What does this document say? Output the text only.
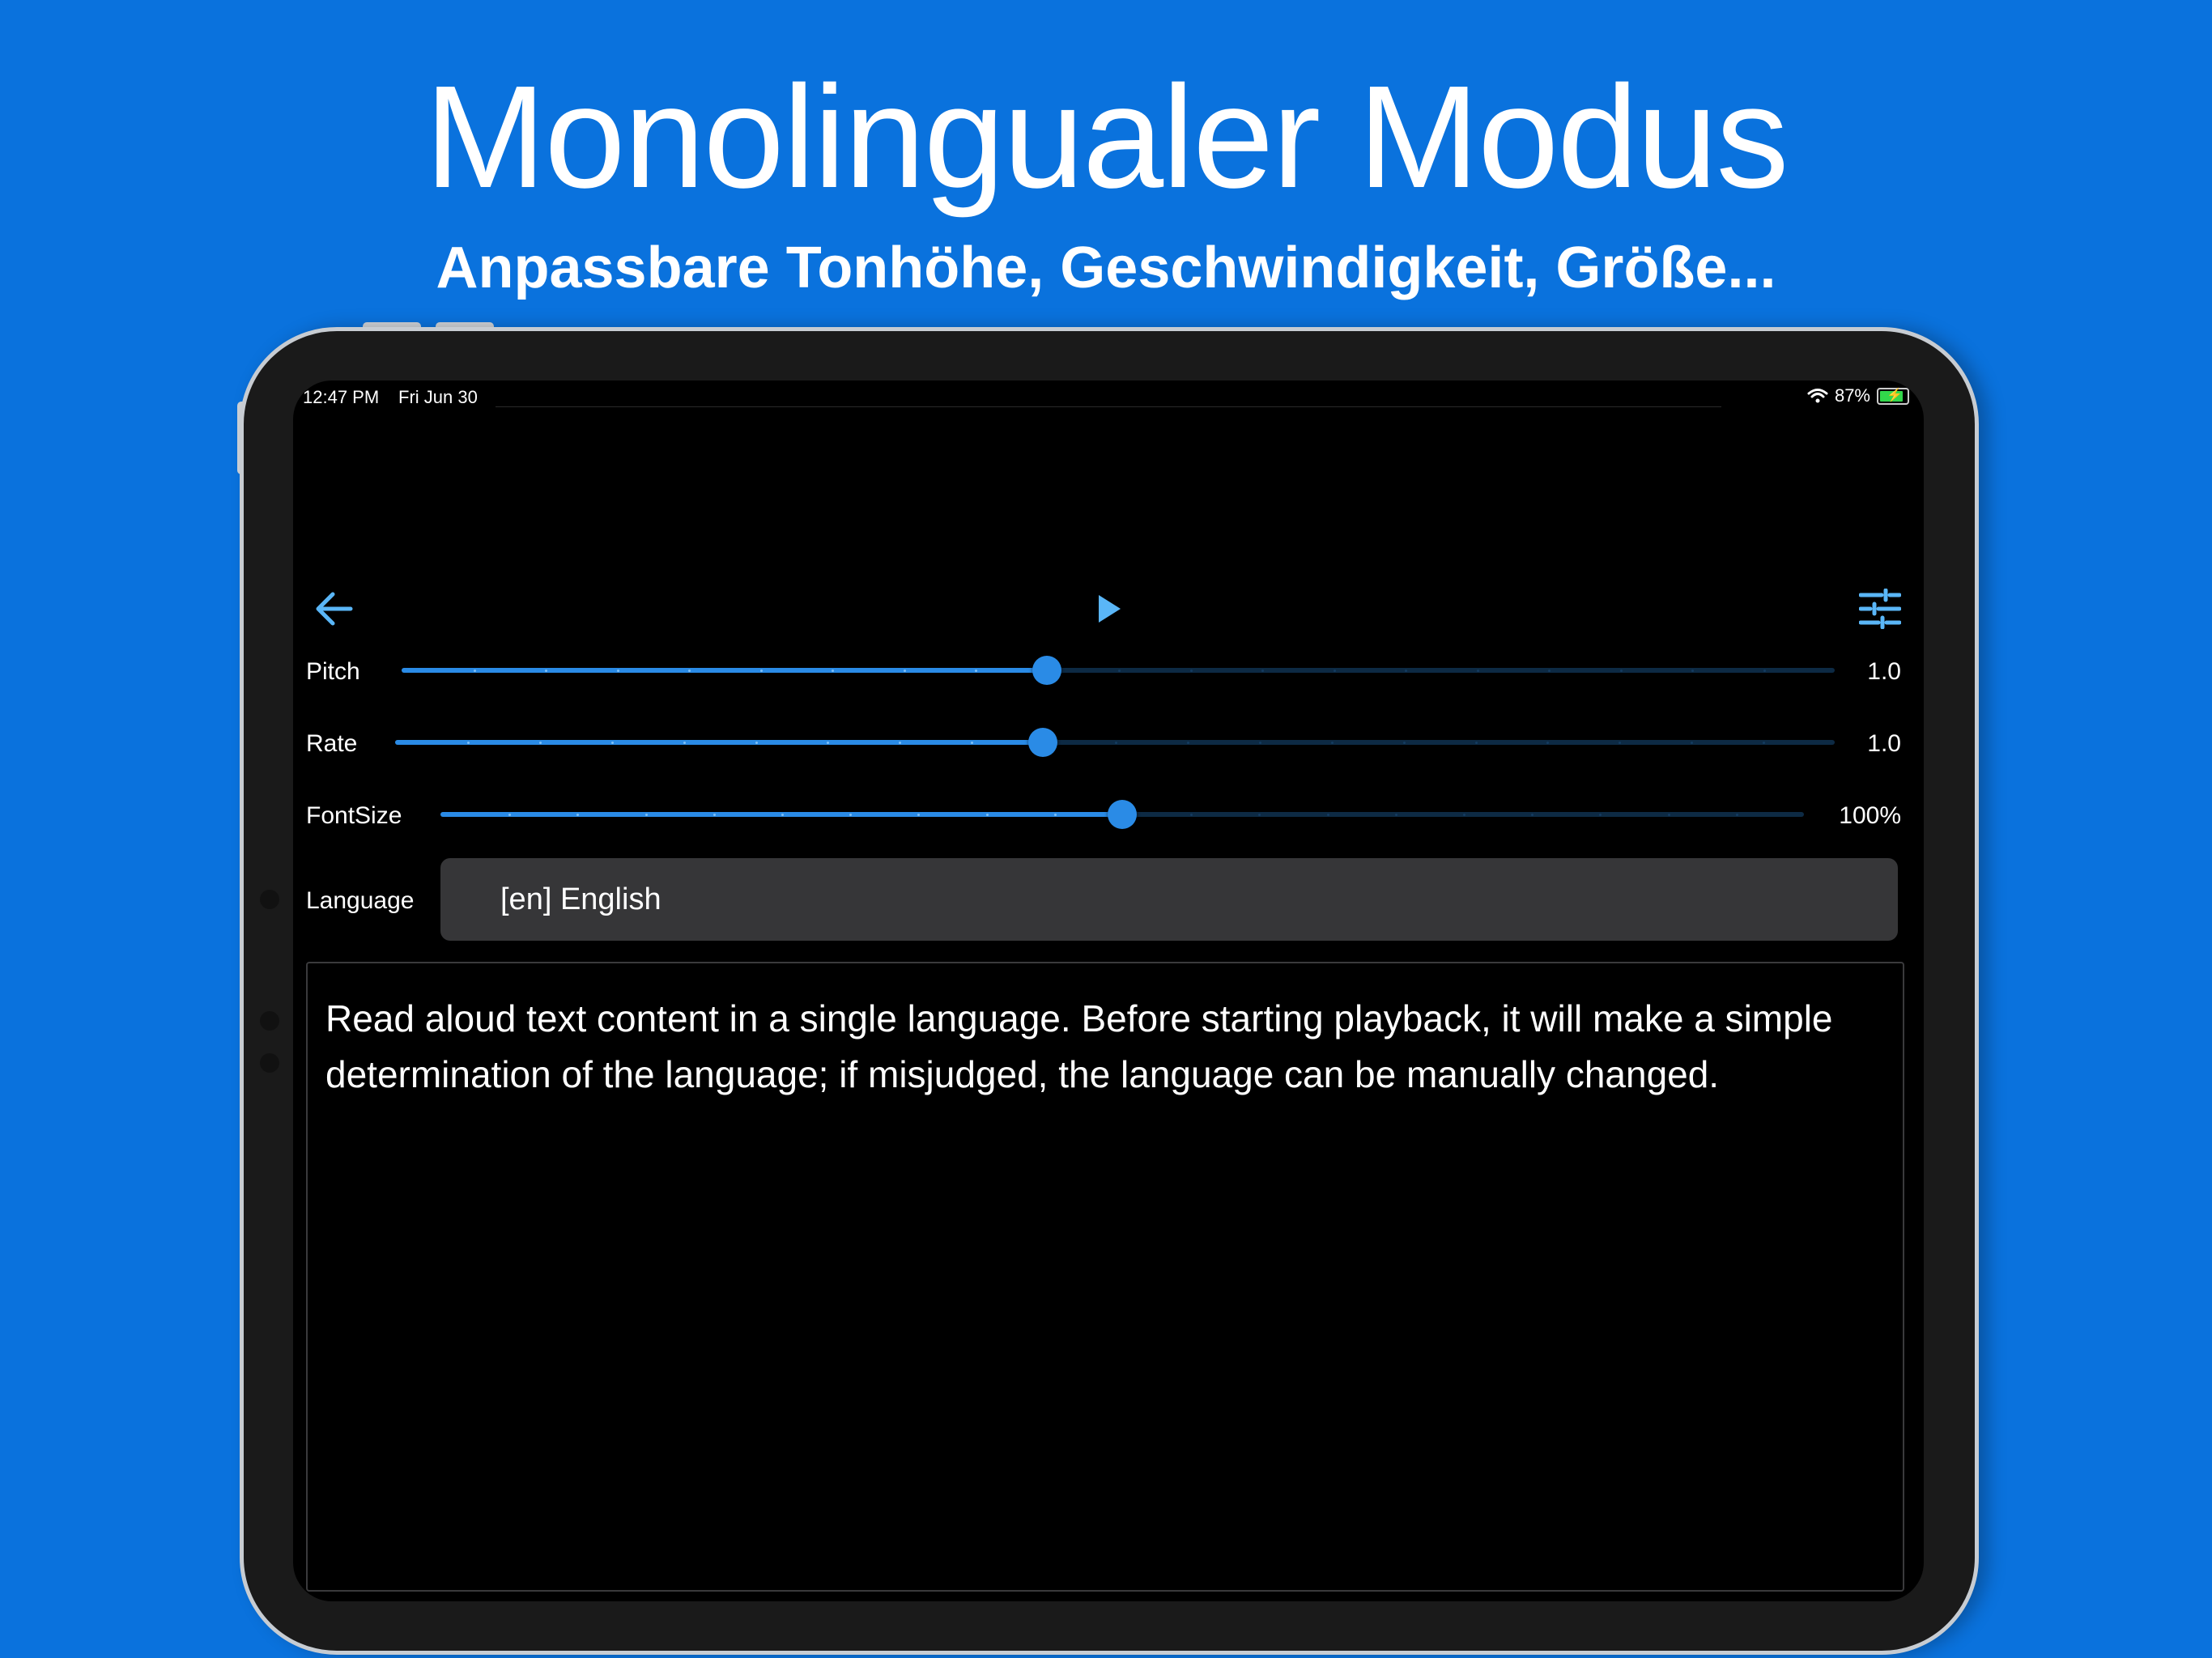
Monolingualer Modus
Anpassbare Tonhöhe, Geschwindigkeit, Größe...
12:47 PM Fri Jun 30	87% ⚡
Pitch	1.0
Rate	1.0
FontSize	100%
Language	[en] English
Read aloud text content in a single language. Before starting playback, it will make a simple determination of the language; if misjudged, the language can be manually changed.
